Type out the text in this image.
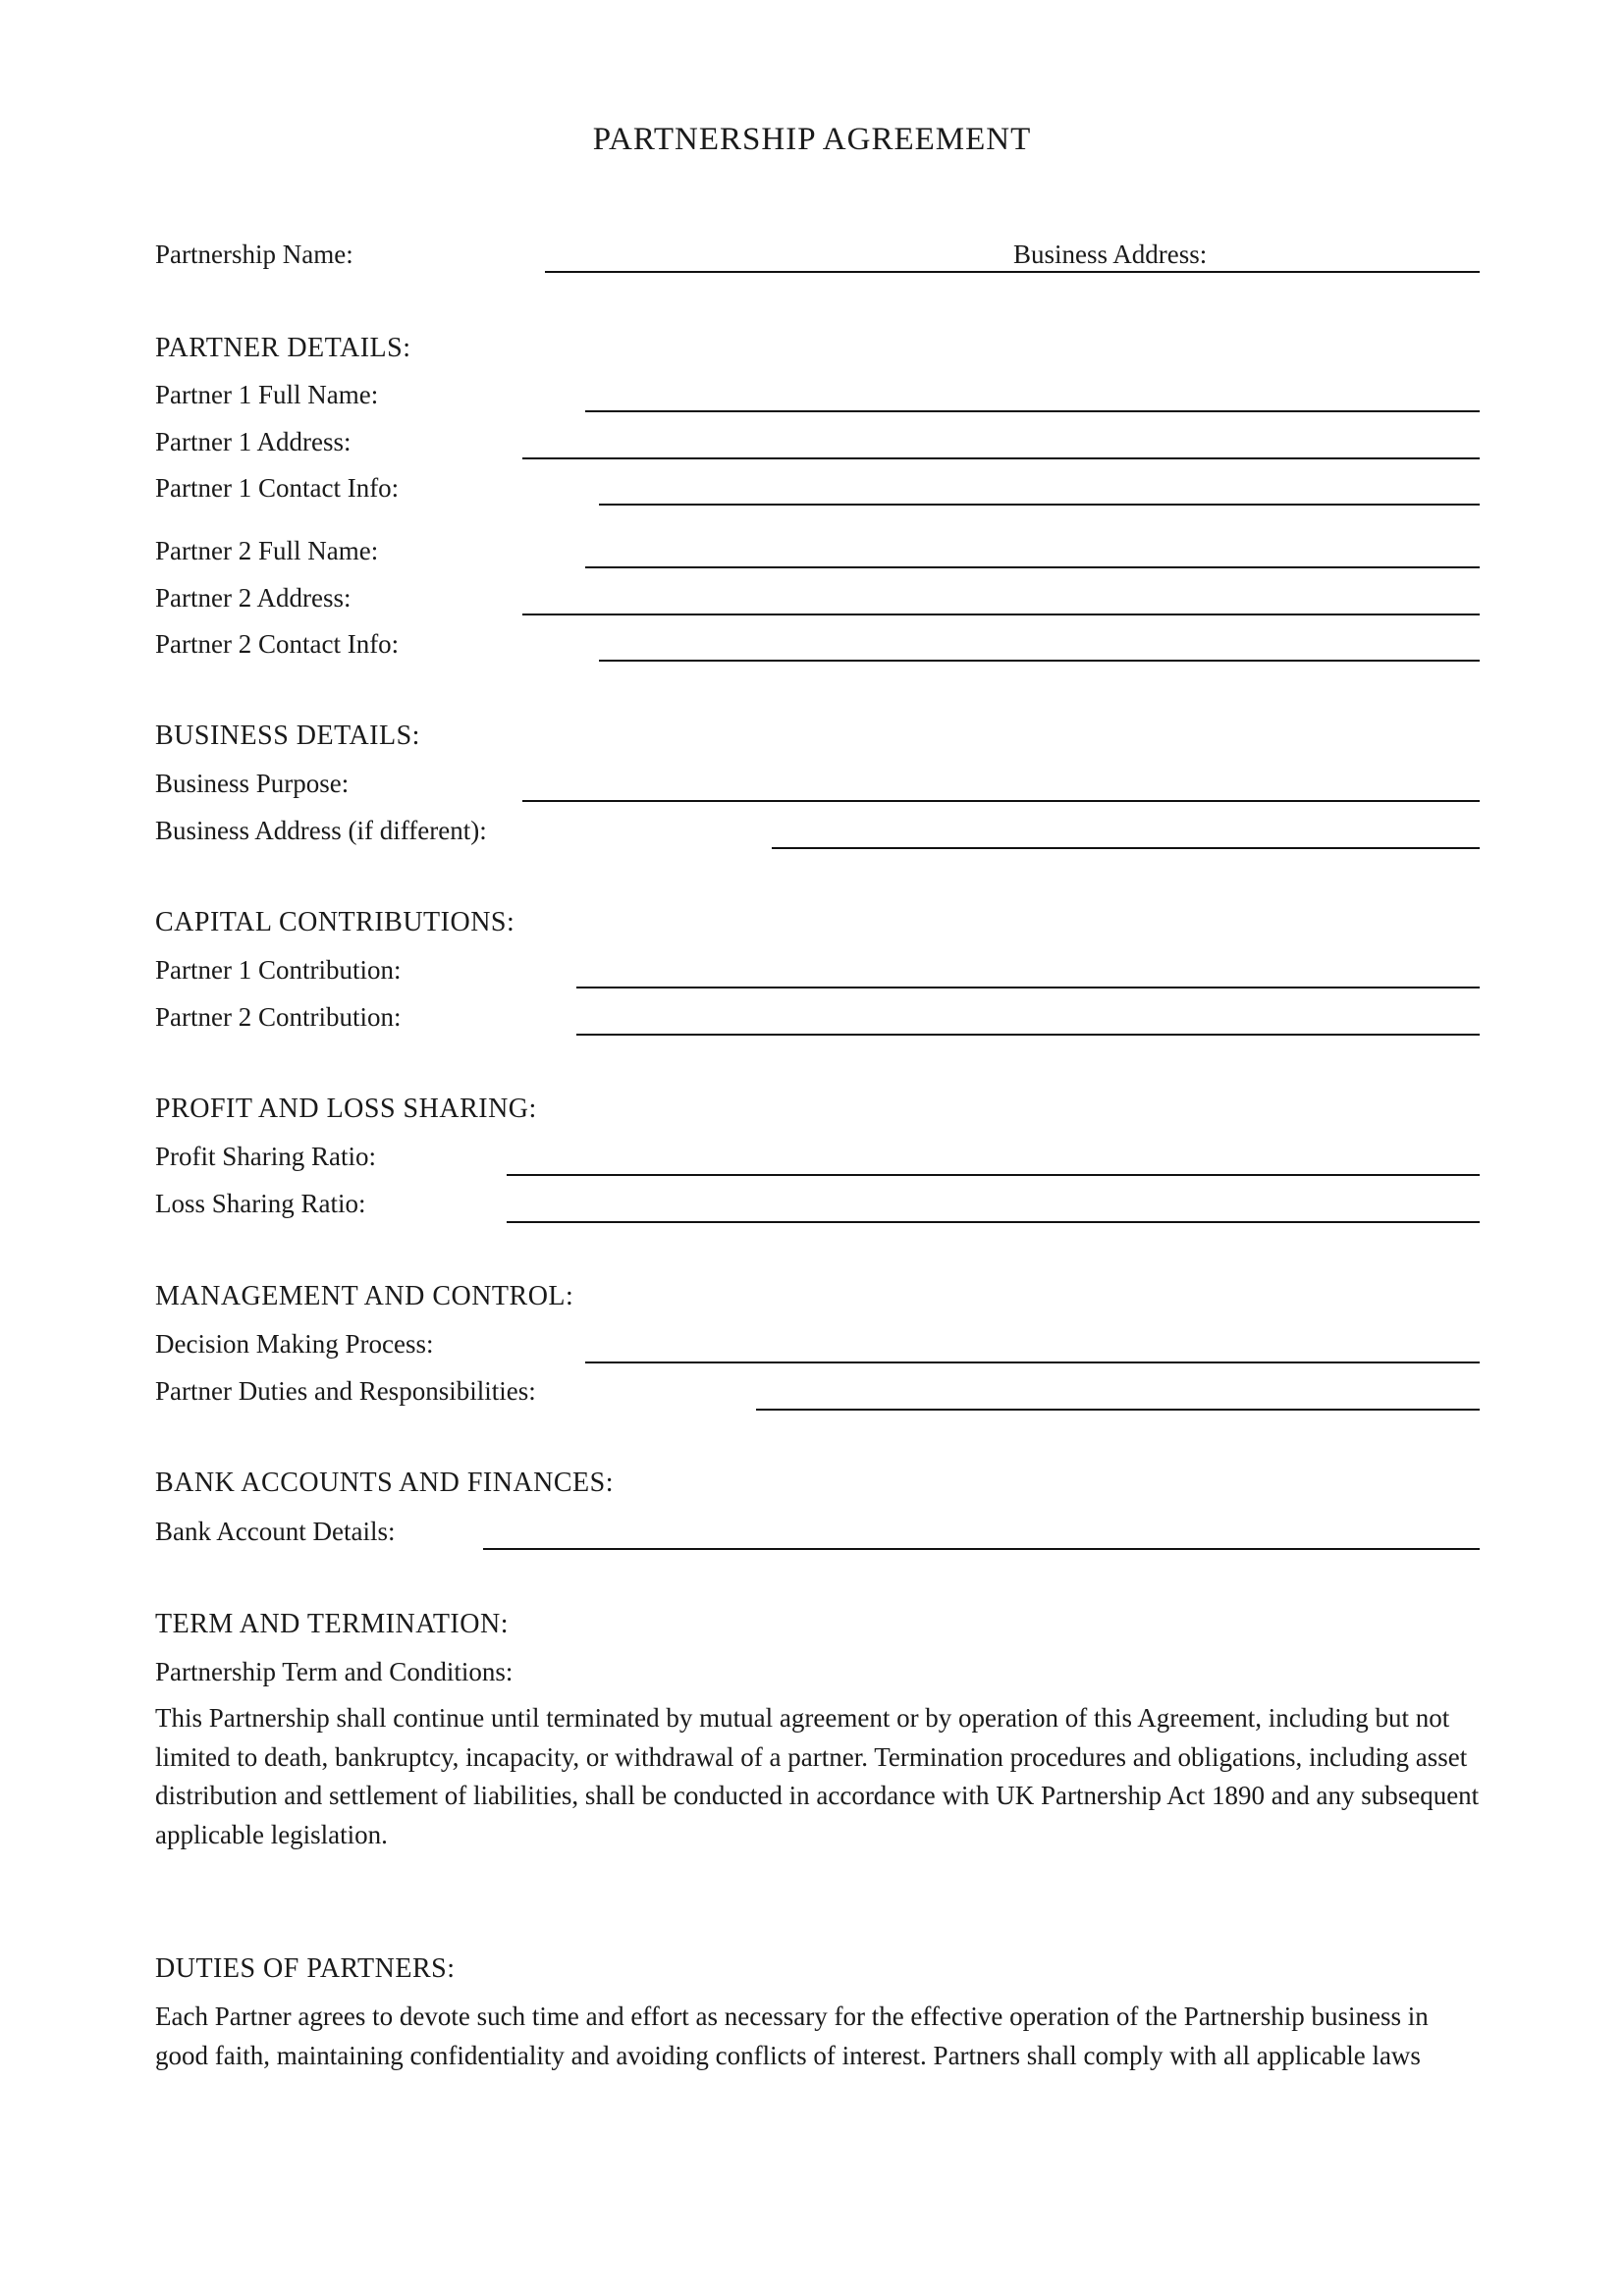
PARTNERSHIP AGREEMENT
Partnership Name:	Business Address:
PARTNER DETAILS:
Partner 1 Full Name:
Partner 1 Address:
Partner 1 Contact Info:
Partner 2 Full Name:
Partner 2 Address:
Partner 2 Contact Info:
BUSINESS DETAILS:
Business Purpose:
Business Address (if different):
CAPITAL CONTRIBUTIONS:
Partner 1 Contribution:
Partner 2 Contribution:
PROFIT AND LOSS SHARING:
Profit Sharing Ratio:
Loss Sharing Ratio:
MANAGEMENT AND CONTROL:
Decision Making Process:
Partner Duties and Responsibilities:
BANK ACCOUNTS AND FINANCES:
Bank Account Details:
TERM AND TERMINATION:
Partnership Term and Conditions:
This Partnership shall continue until terminated by mutual agreement or by operation of this Agreement, including but not limited to death, bankruptcy, incapacity, or withdrawal of a partner. Termination procedures and obligations, including asset distribution and settlement of liabilities, shall be conducted in accordance with UK Partnership Act 1890 and any subsequent applicable legislation.
DUTIES OF PARTNERS:
Each Partner agrees to devote such time and effort as necessary for the effective operation of the Partnership business in good faith, maintaining confidentiality and avoiding conflicts of interest. Partners shall comply with all applicable laws
